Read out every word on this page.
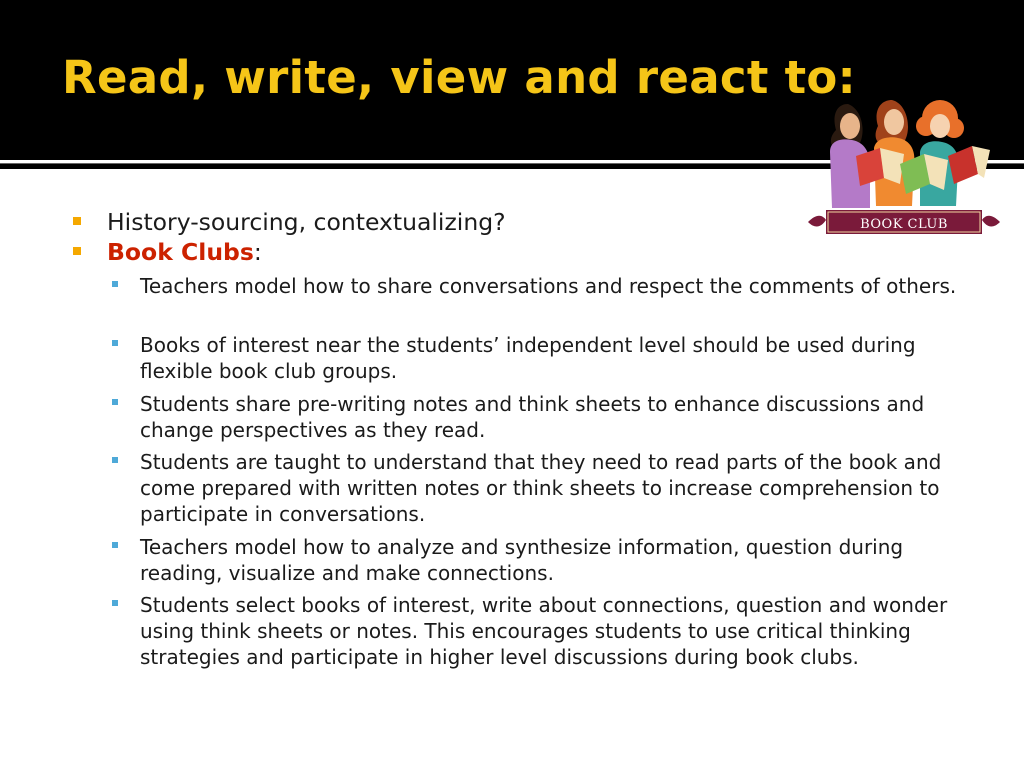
Read, write, view and react to:
BOOK CLUB
History-sourcing, contextualizing?
Book Clubs:
Teachers model how to share conversations and respect the comments of others.
Books of interest near the students’ independent level should be used during flexible book club groups.
Students share pre-writing notes and think sheets to enhance discussions and change perspectives as they read.
Students are taught to understand that they need to read parts of the book and come prepared with written notes or think sheets to increase comprehension to participate in conversations.
Teachers model how to analyze and synthesize information, question during reading, visualize and make connections.
Students select books of interest, write about connections, question and wonder using think sheets or notes. This encourages students to use critical thinking strategies and participate in higher level discussions during book clubs.
